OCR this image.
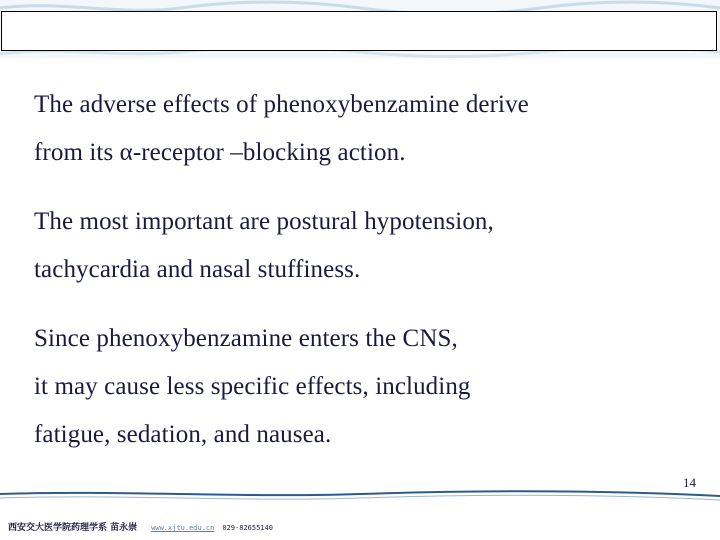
The adverse effects of phenoxybenzamine derive
from its α-receptor –blocking action.

The most important are postural hypotension,
tachycardia and nasal stuffiness.

Since phenoxybenzamine enters the CNS,
it may cause less specific effects, including
fatigue, sedation, and nausea.

14
西安交大医学院药理学系 苗永崇 www.xjtu.edu.cn 029-82655140
